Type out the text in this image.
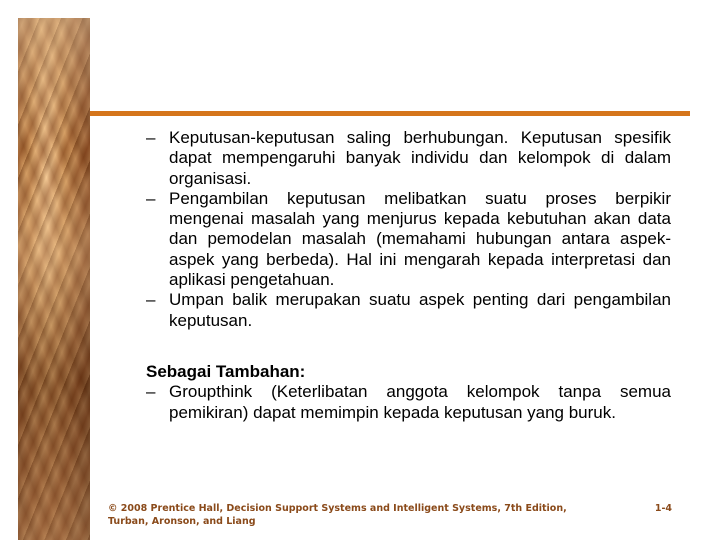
– Keputusan-keputusan saling berhubungan. Keputusan spesifik dapat mempengaruhi banyak individu dan kelompok di dalam organisasi.
– Pengambilan keputusan melibatkan suatu proses berpikir mengenai masalah yang menjurus kepada kebutuhan akan data dan pemodelan masalah (memahami hubungan antara aspek-aspek yang berbeda). Hal ini mengarah kepada interpretasi dan aplikasi pengetahuan.
– Umpan balik merupakan suatu aspek penting dari pengambilan keputusan.
Sebagai Tambahan:
– Groupthink (Keterlibatan anggota kelompok tanpa semua pemikiran) dapat memimpin kepada keputusan yang buruk.
© 2008 Prentice Hall, Decision Support Systems and Intelligent Systems, 7th Edition, Turban, Aronson, and Liang
1-4
